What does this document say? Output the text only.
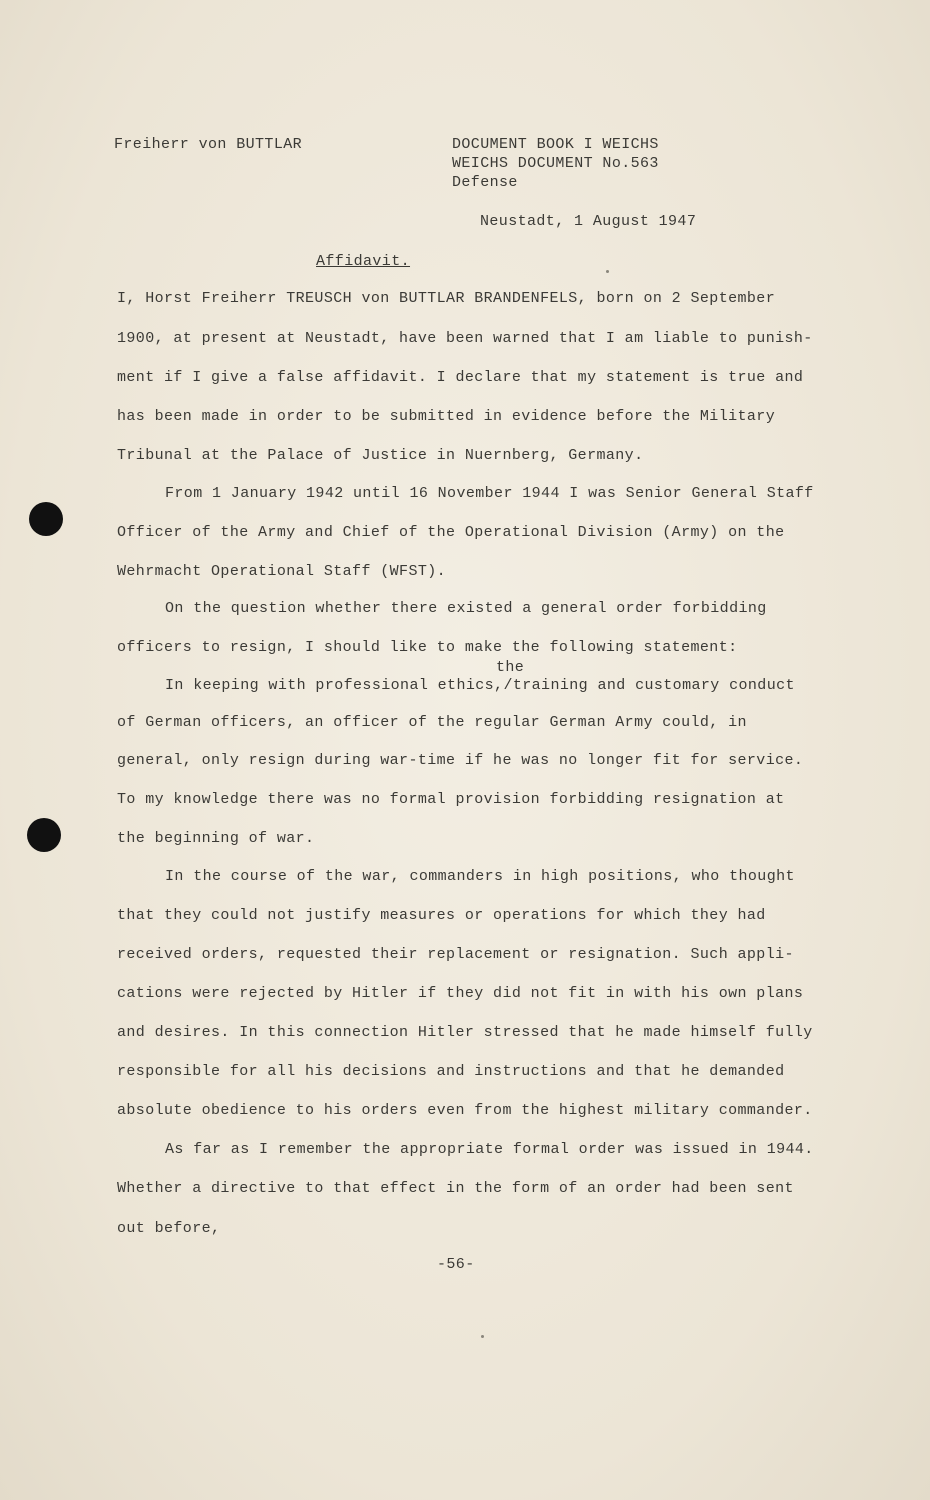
Freiherr von BUTTLAR	DOCUMENT BOOK I WEICHS
WEICHS DOCUMENT No.563
Defense
Neustadt, 1 August 1947
Affidavit.
I, Horst Freiherr TREUSCH von BUTTLAR BRANDENFELS, born on 2 September
1900, at present at Neustadt, have been warned that I am liable to punish-
ment if I give a false affidavit. I declare that my statement is true and
has been made in order to be submitted in evidence before the Military
Tribunal at the Palace of Justice in Nuernberg, Germany.
From 1 January 1942 until 16 November 1944 I was Senior General Staff
Officer of the Army and Chief of the Operational Division (Army) on the
Wehrmacht Operational Staff (WFST).
On the question whether there existed a general order forbidding
officers to resign, I should like to make the following statement:
the
In keeping with professional ethics,/training and customary conduct
of German officers, an officer of the regular German Army could, in
general, only resign during war-time if he was no longer fit for service.
To my knowledge there was no formal provision forbidding resignation at
the beginning of war.
In the course of the war, commanders in high positions, who thought
that they could not justify measures or operations for which they had
received orders, requested their replacement or resignation. Such appli-
cations were rejected by Hitler if they did not fit in with his own plans
and desires. In this connection Hitler stressed that he made himself fully
responsible for all his decisions and instructions and that he demanded
absolute obedience to his orders even from the highest military commander.
As far as I remember the appropriate formal order was issued in 1944.
Whether a directive to that effect in the form of an order had been sent
out before,
-56-
